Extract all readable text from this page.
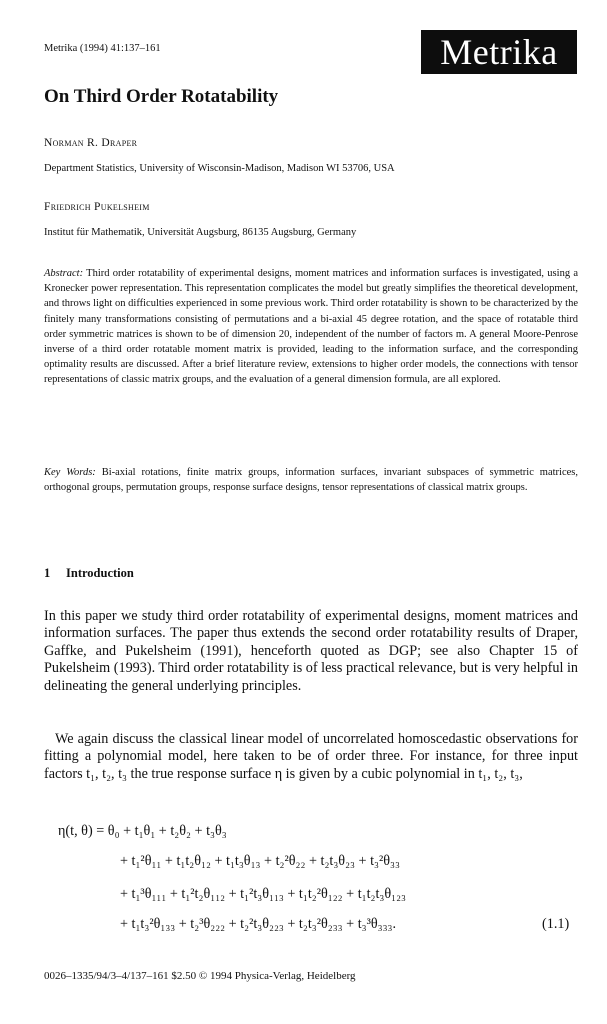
Metrika (1994) 41:137–161	Metrika
On Third Order Rotatability
Norman R. Draper
Department Statistics, University of Wisconsin-Madison, Madison WI 53706, USA
Friedrich Pukelsheim
Institut für Mathematik, Universität Augsburg, 86135 Augsburg, Germany
Abstract: Third order rotatability of experimental designs, moment matrices and information surfaces is investigated, using a Kronecker power representation. This representation complicates the model but greatly simplifies the theoretical development, and throws light on difficulties experienced in some previous work. Third order rotatability is shown to be characterized by the finitely many transformations consisting of permutations and a bi-axial 45 degree rotation, and the space of rotatable third order symmetric matrices is shown to be of dimension 20, independent of the number of factors m. A general Moore-Penrose inverse of a third order rotatable moment matrix is provided, leading to the information surface, and the corresponding optimality results are discussed. After a brief literature review, extensions to higher order models, the connections with tensor representations of classic matrix groups, and the evaluation of a general dimension formula, are all explored.
Key Words: Bi-axial rotations, finite matrix groups, information surfaces, invariant subspaces of symmetric matrices, orthogonal groups, permutation groups, response surface designs, tensor representations of classical matrix groups.
1 Introduction

In this paper we study third order rotatability of experimental designs, moment matrices and information surfaces. The paper thus extends the second order rotatability results of Draper, Gaffke, and Pukelsheim (1991), henceforth quoted as DGP; see also Chapter 15 of Pukelsheim (1993). Third order rotatability is of less practical relevance, but is very helpful in delineating the general underlying principles.

We again discuss the classical linear model of uncorrelated homoscedastic observations for fitting a polynomial model, here taken to be of order three. For instance, for three input factors t₁, t₂, t₃ the true response surface η is given by a cubic polynomial in t₁, t₂, t₃,

η(t, θ) = θ₀ + t₁θ₁ + t₂θ₂ + t₃θ₃
+ t₁²θ₁₁ + t₁t₂θ₁₂ + t₁t₃θ₁₃ + t₂²θ₂₂ + t₂t₃θ₂₃ + t₃²θ₃₃
+ t₁³θ₁₁₁ + t₁²t₂θ₁₁₂ + t₁²t₃θ₁₁₃ + t₁t₂²θ₁₂₂ + t₁t₂t₃θ₁₂₃
+ t₁t₃²θ₁₃₃ + t₂³θ₂₂₂ + t₂²t₃θ₂₂₃ + t₂t₃²θ₂₃₃ + t₃³θ₃₃₃.	(1.1)
0026–1335/94/3–4/137–161 $2.50 © 1994 Physica-Verlag, Heidelberg
